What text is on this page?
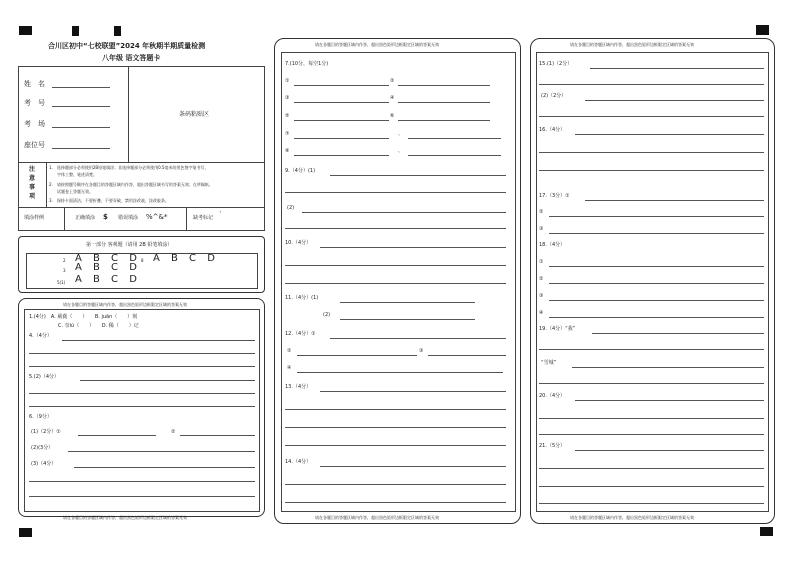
合川区初中“七校联盟”2024 年秋期半期质量检测
八年级 语文答题卡
姓　名
考　号
考　场
座位号
条码粘贴区
注
意
事
项
1.　选择题部分必须使用2B铅笔填涂；非选择题部分必须使用0.5毫米的黑色签字笔书写，
　　字体工整、笔迹清楚。
2.　请按照题号顺序在各题目的答题区域内作答，超出答题区域书写的答案无效；在草稿纸、
　　试题卷上答题无效。
3.　保持卡面清洁，不要折叠、不要弄破，禁用涂改液、涂改胶条。
填涂样例	正确填涂 $ 错误填涂 %^&*	缺考标记 `
第一部分 客观题（请用 2B 铅笔填涂）
2 A B C D 8 A B C D
3 A B C D
5(1) A B C D
请在各题目的答题区域内作答，超出黑色矩形边框限定区域的答案无效
1.(4分)　A. 葳蕤（　　）　　B. juān（　　）刻
C. 奈iù（　　）　　D. 稀（　　）记
4.（4分）
5.(2)（4分）
6.（9分）
(1)（2分）①	②
(2)(3分）
(3)（4分）
请在各题目的答题区域内作答，超出黑色矩形边框限定区域的答案无效
请在各题目的答题区域内作答，超出黑色矩形边框限定区域的答案无效
7.(10分，每空1分)
①	②
③	④
⑤	⑥
⑦	、
⑧	、
9.（4分）(1)
(2)
10.（4分）
11.（4分）(1)
(2)
12.（4分）①
②	③
④
13.（4分）
14.（4分）
请在各题目的答题区域内作答，超出黑色矩形边框限定区域的答案无效
请在各题目的答题区域内作答，超出黑色矩形边框限定区域的答案无效
15.(1)（2分）
(2)（2分）
16.（4分）
17.（3分）①
②
③
18.（4分）
①
②
③
④
19.（4分）“我”
“雪城”
20.（4分）
21.（5分）
请在各题目的答题区域内作答，超出黑色矩形边框限定区域的答案无效
